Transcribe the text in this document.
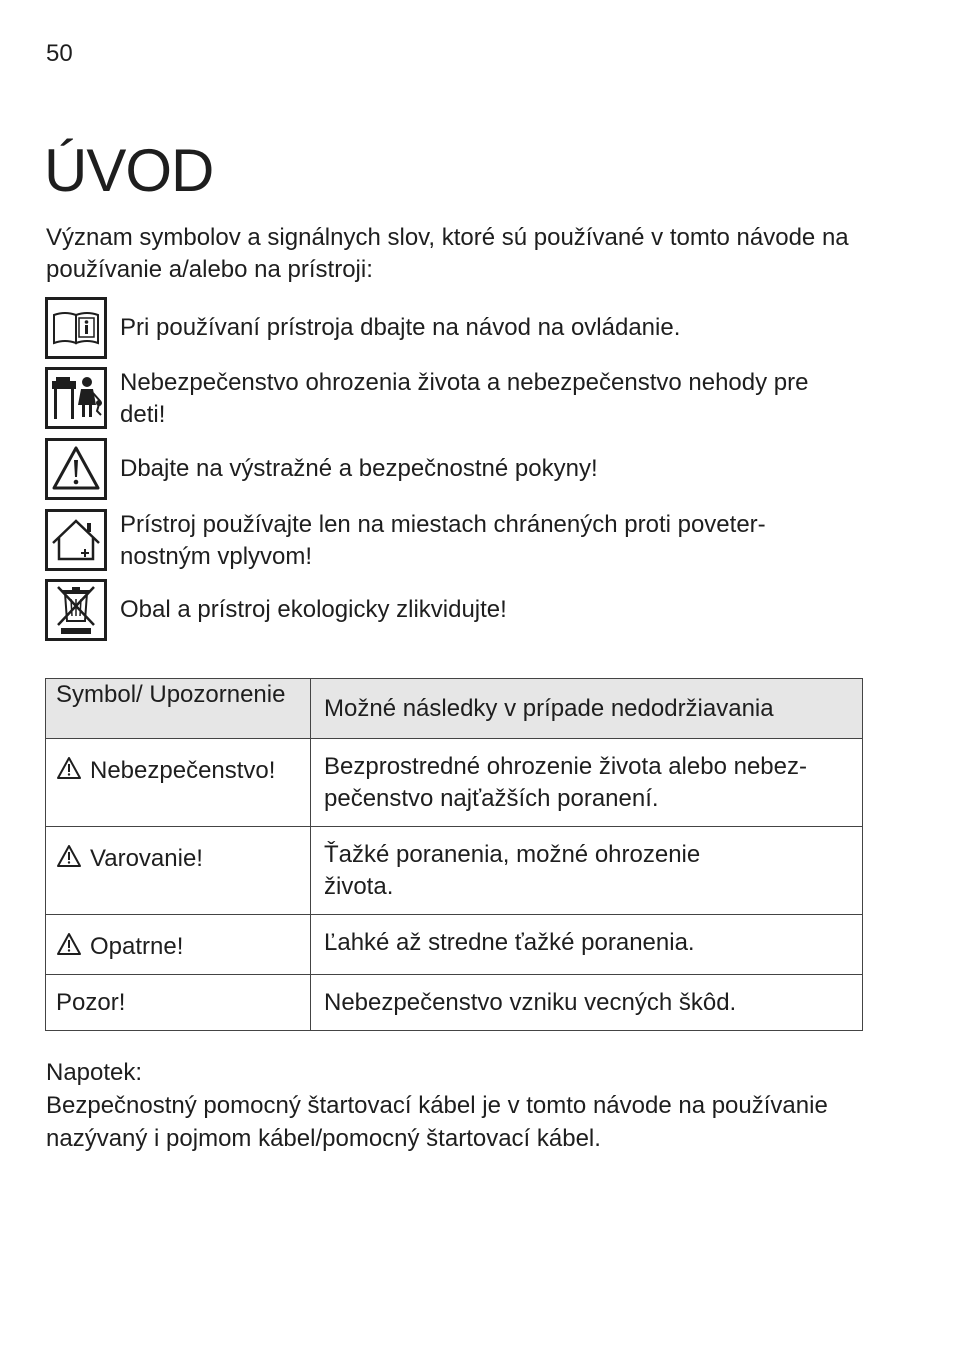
50
ÚVOD

Význam symbolov a signálnych slov, ktoré sú používané v tomto návode na používanie a/alebo na prístroji:

Pri používaní prístroja dbajte na návod na ovládanie.
Nebezpečenstvo ohrozenia života a nebezpečenstvo nehody pre deti!
Dbajte na výstražné a bezpečnostné pokyny!
Prístroj používajte len na miestach chránených proti poveternostným vplyvom!
Obal a prístroj ekologicky zlikvidujte!
Symbol/ Upozornenie	Možné následky v prípade nedodržiavania
Nebezpečenstvo!	Bezprostredné ohrozenie života alebo nebezpečenstvo najťažších poranení.
Varovanie!	Ťažké poranenia, možné ohrozenie života.
Opatrne!	Ľahké až stredne ťažké poranenia.
Pozor!	Nebezpečenstvo vzniku vecných škôd.
Napotek:
Bezpečnostný pomocný štartovací kábel je v tomto návode na používanie nazývaný i pojmom kábel/pomocný štartovací kábel.
